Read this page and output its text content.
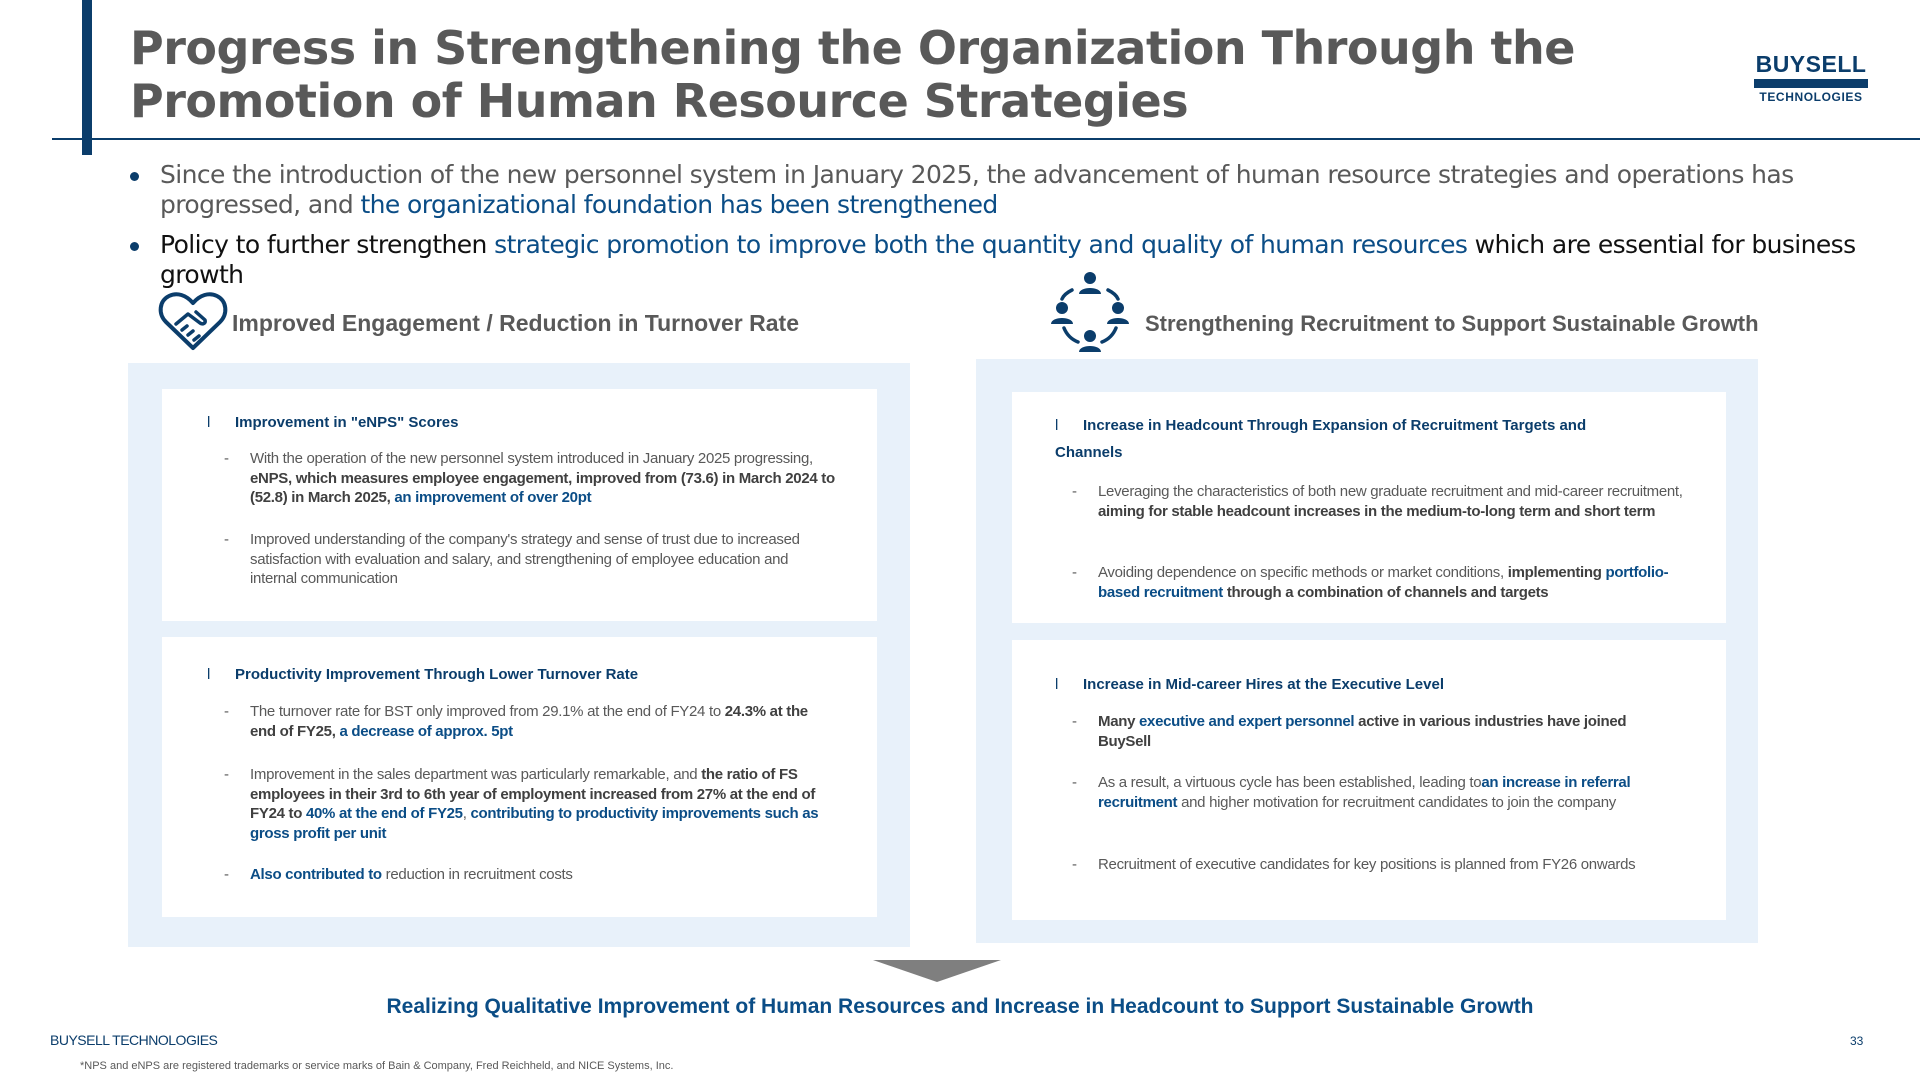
Progress in Strengthening the Organization Through the Promotion of Human Resource Strategies
BUYSELL
TECHNOLOGIES
Since the introduction of the new personnel system in January 2025, the advancement of human resource strategies and operations has progressed, and the organizational foundation has been strengthened
Policy to further strengthen strategic promotion to improve both the quantity and quality of human resources which are essential for business growth
Improved Engagement / Reduction in Turnover Rate	Strengthening Recruitment to Support Sustainable Growth
l Improvement in "eNPS" Scores
- With the operation of the new personnel system introduced in January 2025 progressing, eNPS, which measures employee engagement, improved from (73.6) in March 2024 to (52.8) in March 2025, an improvement of over 20pt
- Improved understanding of the company's strategy and sense of trust due to increased satisfaction with evaluation and salary, and strengthening of employee education and internal communication
l Productivity Improvement Through Lower Turnover Rate
- The turnover rate for BST only improved from 29.1% at the end of FY24 to 24.3% at the end of FY25, a decrease of approx. 5pt
- Improvement in the sales department was particularly remarkable, and the ratio of FS employees in their 3rd to 6th year of employment increased from 27% at the end of FY24 to 40% at the end of FY25, contributing to productivity improvements such as gross profit per unit
- Also contributed to reduction in recruitment costs
l Increase in Headcount Through Expansion of Recruitment Targets and Channels
- Leveraging the characteristics of both new graduate recruitment and mid-career recruitment, aiming for stable headcount increases in the medium-to-long term and short term
- Avoiding dependence on specific methods or market conditions, implementing portfolio-based recruitment through a combination of channels and targets
l Increase in Mid-career Hires at the Executive Level
- Many executive and expert personnel active in various industries have joined BuySell
- As a result, a virtuous cycle has been established, leading toan increase in referral recruitment and higher motivation for recruitment candidates to join the company
- Recruitment of executive candidates for key positions is planned from FY26 onwards
Realizing Qualitative Improvement of Human Resources and Increase in Headcount to Support Sustainable Growth
BUYSELL TECHNOLOGIES	33
*NPS and eNPS are registered trademarks or service marks of Bain & Company, Fred Reichheld, and NICE Systems, Inc.
